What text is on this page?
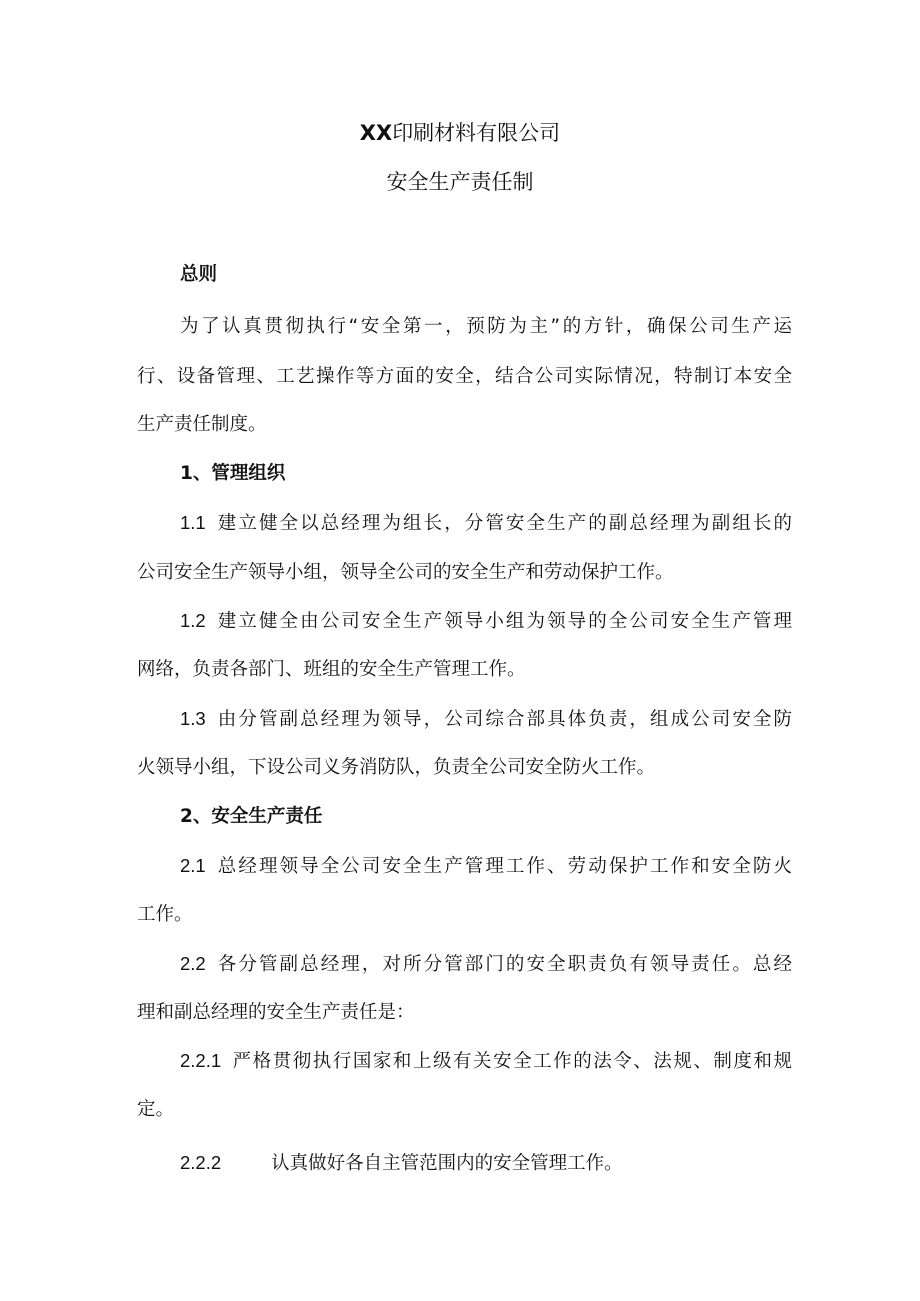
XX印刷材料有限公司
安全生产责任制
总则
为了认真贯彻执行“安全第一，预防为主”的方针，确保公司生产运
行、设备管理、工艺操作等方面的安全，结合公司实际情况，特制订本安全
生产责任制度。
1、管理组织
1.1 建立健全以总经理为组长，分管安全生产的副总经理为副组长的
公司安全生产领导小组，领导全公司的安全生产和劳动保护工作。
1.2 建立健全由公司安全生产领导小组为领导的全公司安全生产管理
网络，负责各部门、班组的安全生产管理工作。
1.3 由分管副总经理为领导，公司综合部具体负责，组成公司安全防
火领导小组，下设公司义务消防队，负责全公司安全防火工作。
2、安全生产责任
2.1 总经理领导全公司安全生产管理工作、劳动保护工作和安全防火
工作。
2.2 各分管副总经理，对所分管部门的安全职责负有领导责任。总经
理和副总经理的安全生产责任是：
2.2.1 严格贯彻执行国家和上级有关安全工作的法令、法规、制度和规
定。
2.2.2	认真做好各自主管范围内的安全管理工作。
